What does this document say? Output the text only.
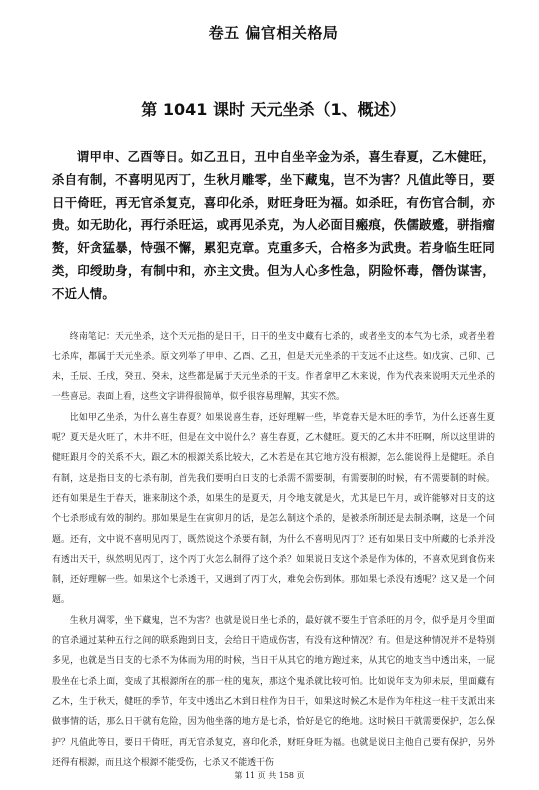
卷五 偏官相关格局
第 1041 课时 天元坐杀（1、概述）

谓甲申、乙酉等日。如乙丑日，丑中自坐辛金为杀，喜生春夏，乙木健旺，杀自有制，不喜明见丙丁，生秋月雕零，坐下藏鬼，岂不为害？凡值此等日，要日干倚旺，再无官杀复克，喜印化杀，财旺身旺为福。如杀旺，有伤官合制，亦贵。如无助化，再行杀旺运，或再见杀克，为人必面目瘢痕，佚儒跛蹙，骈指瘤赘，奸贪猛暴，恃强不懈，累犯克章。克重多夭，合格多为武贵。若身临生旺同类，印绶助身，有制中和，亦主文贵。但为人心多性急，阴险怀毒，僭伪谋害，不近人情。

终南笔记：天元坐杀，这个天元指的是日干，日干的坐支中藏有七杀的，或者坐支的本气为七杀，或者坐着七杀库，都属于天元坐杀。原文列举了甲申、乙酉、乙丑，但是天元坐杀的干支远不止这些。如戊寅、己卯、己未，壬辰、壬戌，癸丑、癸未，这些都是属于天元坐杀的干支。作者拿甲乙木来说，作为代表来说明天元坐杀的一些喜忌。表面上看，这些文字讲得很简单，似乎很容易理解，其实不然。

比如甲乙坐杀，为什么喜生春夏？如果说喜生春，还好理解一些，毕竟春天是木旺的季节，为什么还喜生夏呢？夏天是火旺了，木井不旺，但是在文中说什么？喜生春夏，乙木健旺。夏天的乙木井不旺啊，所以这里讲的健旺跟月令的关系不大，跟乙木的根源关系比较大，乙木若是在其它地方没有根源，怎么能说得上是健旺。杀自有制，这是指日支的七杀有制，首先我们要明白日支的七杀需不需要制，有需要制的时候，有不需要制的时候。还有如果是生于春天，谁来制这个杀，如果生的是夏天，月令地支就是火，尤其是巳午月，或许能够对日支的这个七杀形成有效的制约。那如果是生在寅卯月的话，是怎么制这个杀的，是被杀所制还是去制杀啊，这是一个问题。还有，文中说不喜明见丙丁，既然说这个杀要有制，为什么不喜明见丙丁？还有如果日支中所藏的七杀并没有透出天干，纵然明见丙丁，这个丙丁火怎么制得了这个杀？如果说日支这个杀是作为体的，不喜欢见到食伤来制，还好理解一些。如果这个七杀透干，又遇到了丙丁火，难免会伤到体。那如果七杀没有透呢？这又是一个问题。

生秋月凋零，坐下藏鬼，岂不为害？也就是说日坐七杀的，最好就不要生于官杀旺的月令，似乎是月令里面的官杀通过某种五行之间的联系跑到日支，会给日干造成伤害，有没有这种情况？有。但是这种情况并不是特别多见，也就是当日支的七杀不为体而为用的时候，当日干从其它的地方跑过来，从其它的地支当中透出来，一屁股坐在七杀上面，变成了其根源所在的那一柱的鬼灰，那这个鬼杀就比较可怕。比如说年支为卯未辰，里面藏有乙木，生于秋天，健旺的季节，年支中透出乙木到日柱作为日干，如果这时候乙木是作为年柱这一柱干支派出来做事情的话，那么日干就有危险，因为他坐落的地方是七杀，恰好是它的绝地。这时候日干就需要保护，怎么保护？凡值此等日，要日干倚旺，再无官杀复克，喜印化杀，财旺身旺为福。也就是说日主他自己要有保护，另外还得有根源，而且这个根源不能受伤，七杀又不能透干伤

第 11 页 共 158 页
